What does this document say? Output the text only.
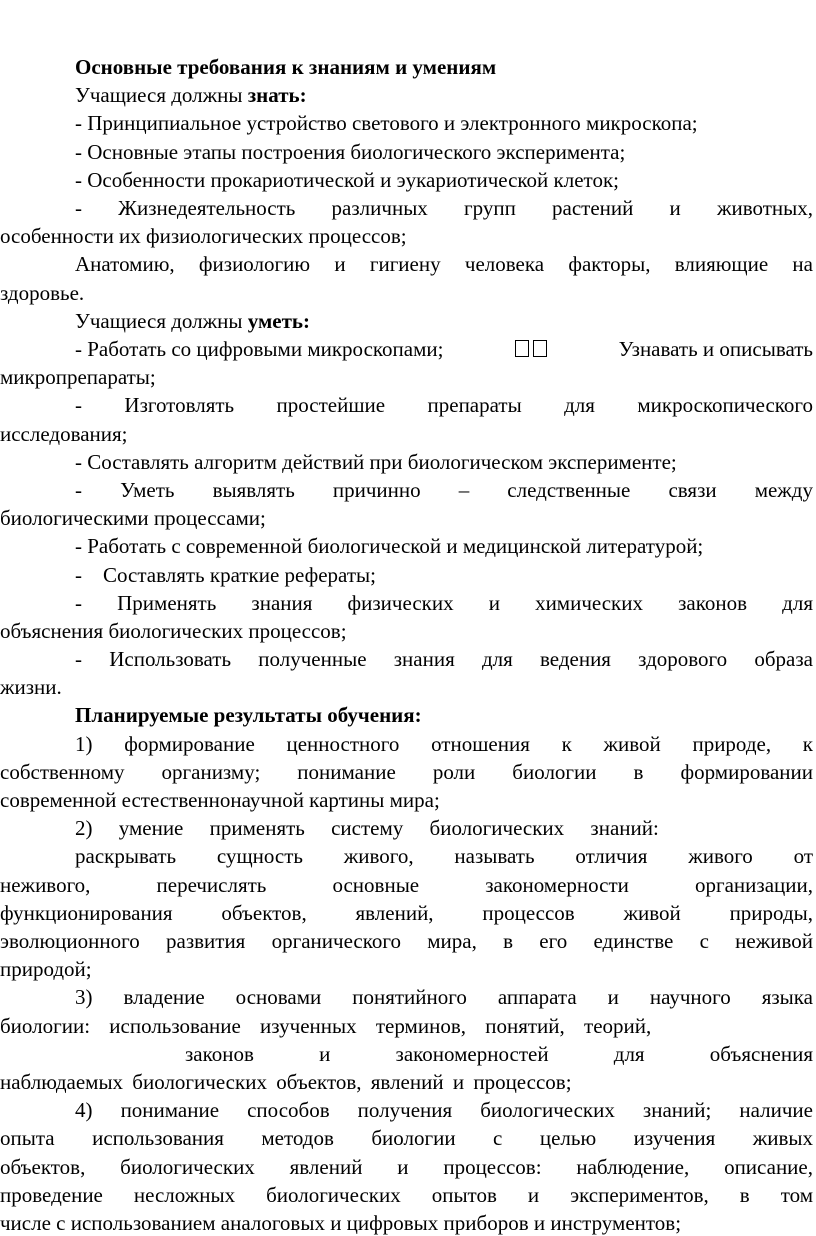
Основные требования к знаниям и умениям
Учащиеся должны знать:
- Принципиальное устройство светового и электронного микроскопа;
- Основные этапы построения биологического эксперимента;
- Особенности прокариотической и эукариотической клеток;
- Жизнедеятельность различных групп растений и животных,
особенности их физиологических процессов;
Анатомию, физиологию и гигиену человека факторы, влияющие на
здоровье.
Учащиеся должны уметь:
- Работать со цифровыми микроскопами;	Узнавать и описывать
микропрепараты;
- Изготовлять простейшие препараты для микроскопического
исследования;
- Составлять алгоритм действий при биологическом эксперименте;
- Уметь выявлять причинно – следственные связи между
биологическими процессами;
- Работать с современной биологической и медицинской литературой;
-    Составлять краткие рефераты;
- Применять знания физических и химических законов для
объяснения биологических процессов;
- Использовать полученные знания для ведения здорового образа
жизни.
Планируемые результаты обучения:
1) формирование ценностного отношения к живой природе, к
собственному организму; понимание роли биологии в формировании
современной естественнонаучной картины мира;
2) умение применять систему биологических знаний:
раскрывать сущность живого, называть отличия живого от
неживого, перечислять основные закономерности организации,
функционирования объектов, явлений, процессов живой природы,
эволюционного развития органического мира, в его единстве с неживой
природой;
3) владение основами понятийного аппарата и научного языка
биологии: использование изученных терминов, понятий, теорий,
законов и закономерностей для объяснения
наблюдаемых биологических объектов, явлений и процессов;
4) понимание способов получения биологических знаний; наличие
опыта использования методов биологии с целью изучения живых
объектов, биологических явлений и процессов: наблюдение, описание,
проведение несложных биологических опытов и экспериментов, в том
числе с использованием аналоговых и цифровых приборов и инструментов;
